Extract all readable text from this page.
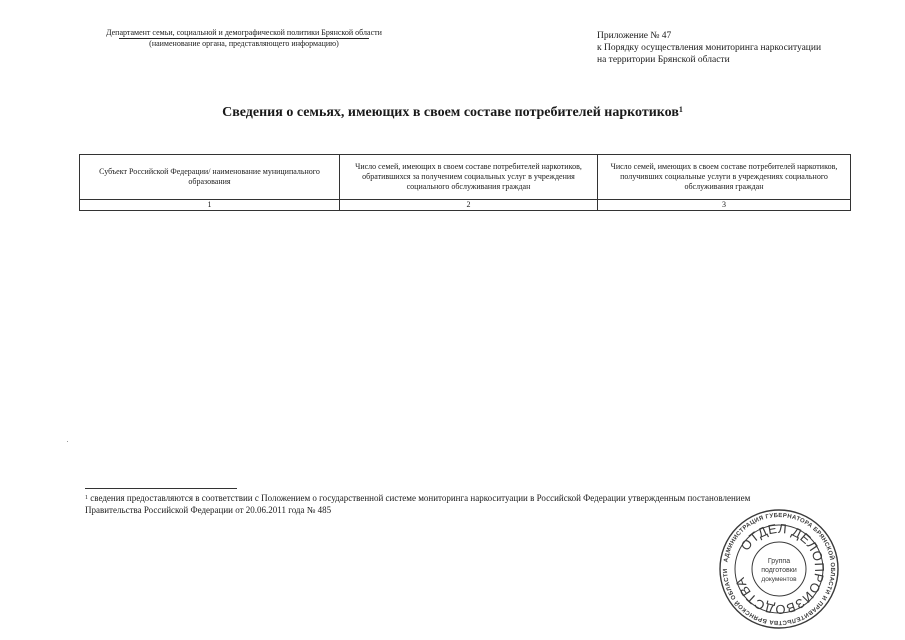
Департамент семьи, социальной и демографической политики Брянской области
(наименование органа, представляющего информацию)
Приложение № 47
к Порядку осуществления мониторинга наркоситуации
на территории Брянской области
Сведения о семьях, имеющих в своем составе потребителей наркотиков$^1$
Субъект Российской Федерации/ наименование муниципального образования	Число семей, имеющих в своем составе потребителей наркотиков, обратившихся за получением социальных услуг в учреждения социального обслуживания граждан	Число семей, имеющих в своем составе потребителей наркотиков, получивших социальные услуги в учреждениях социального обслуживания граждан
1	2	3
$^1$ сведения предоставляются в соответствии с Положением о государственной системе мониторинга наркоситуации в Российской Федерации утвержденным постановлением Правительства Российской Федерации от 20.06.2011 года № 485
АДМИНИСТРАЦИЯ ГУБЕРНАТОРА БРЯНСКОЙ ОБЛАСТИ И ПРАВИТЕЛЬСТВА БРЯНСКОЙ ОБЛАСТИ
ОТДЕЛ ДЕЛОПРОИЗВОДСТВА
Группа
подготовки
документов
